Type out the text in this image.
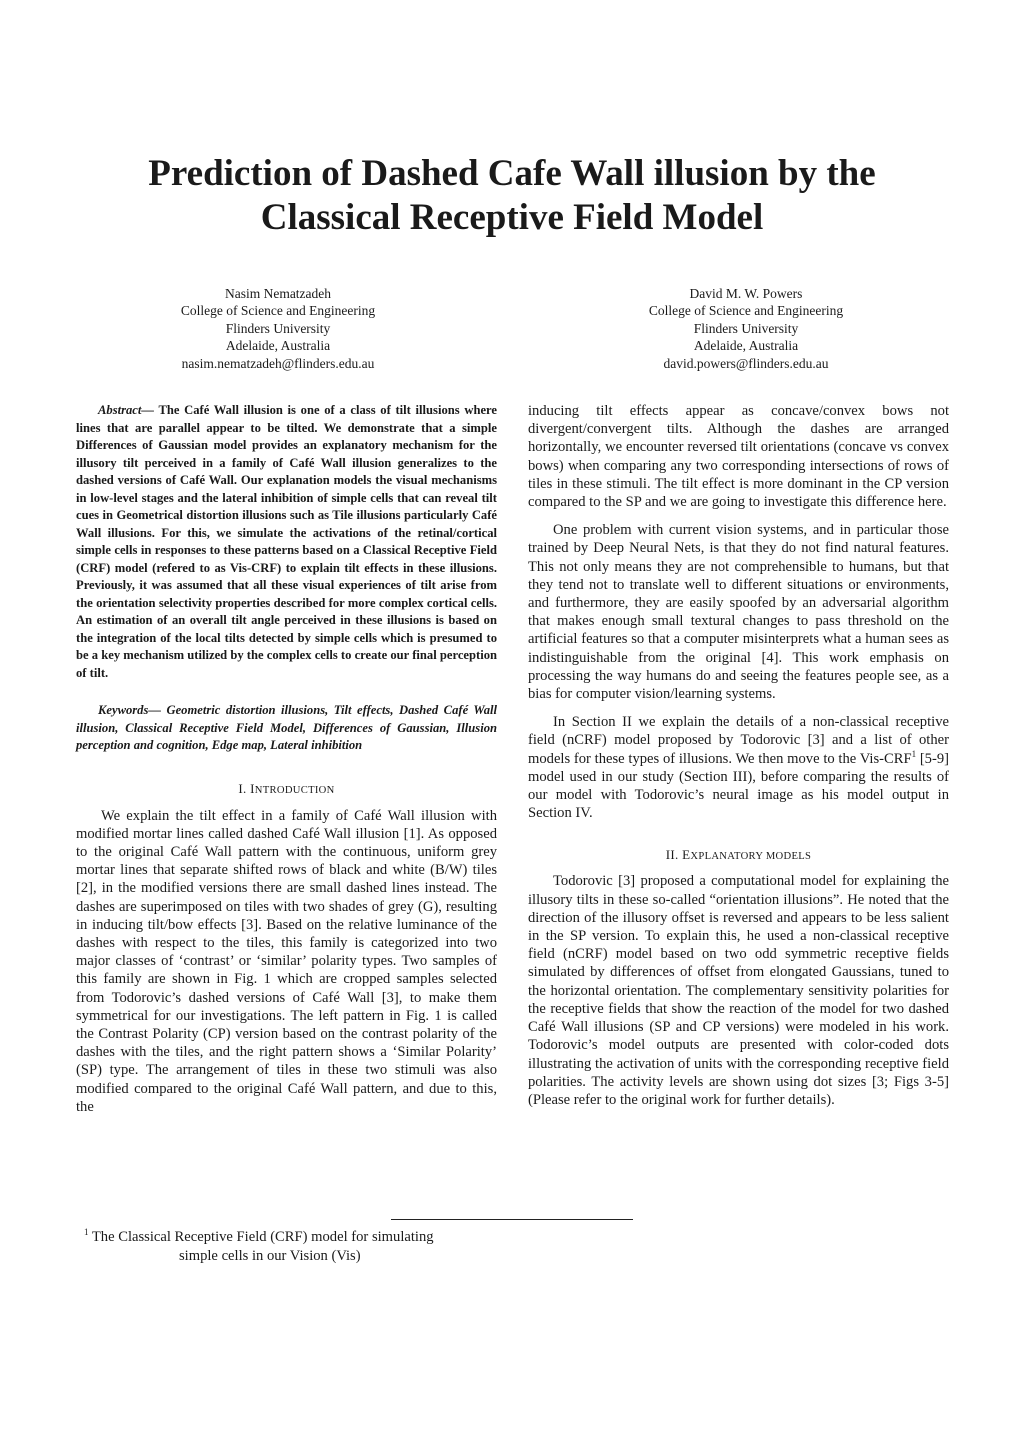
Prediction of Dashed Cafe Wall illusion by the
Classical Receptive Field Model
Nasim Nematzadeh
College of Science and Engineering
Flinders University
Adelaide, Australia
nasim.nematzadeh@flinders.edu.au
David M. W. Powers
College of Science and Engineering
Flinders University
Adelaide, Australia
david.powers@flinders.edu.au

Abstract— The Café Wall illusion is one of a class of tilt illusions where lines that are parallel appear to be tilted. We demonstrate that a simple Differences of Gaussian model provides an explanatory mechanism for the illusory tilt perceived in a family of Café Wall illusion generalizes to the dashed versions of Café Wall. Our explanation models the visual mechanisms in low-level stages and the lateral inhibition of simple cells that can reveal tilt cues in Geometrical distortion illusions such as Tile illusions particularly Café Wall illusions. For this, we simulate the activations of the retinal/cortical simple cells in responses to these patterns based on a Classical Receptive Field (CRF) model (refered to as Vis-CRF) to explain tilt effects in these illusions. Previously, it was assumed that all these visual experiences of tilt arise from the orientation selectivity properties described for more complex cortical cells. An estimation of an overall tilt angle perceived in these illusions is based on the integration of the local tilts detected by simple cells which is presumed to be a key mechanism utilized by the complex cells to create our final perception of tilt.

Keywords— Geometric distortion illusions, Tilt effects, Dashed Café Wall illusion, Classical Receptive Field Model, Differences of Gaussian, Illusion perception and cognition, Edge map, Lateral inhibition

I. INTRODUCTION

We explain the tilt effect in a family of Café Wall illusion with modified mortar lines called dashed Café Wall illusion [1]. As opposed to the original Café Wall pattern with the continuous, uniform grey mortar lines that separate shifted rows of black and white (B/W) tiles [2], in the modified versions there are small dashed lines instead. The dashes are superimposed on tiles with two shades of grey (G), resulting in inducing tilt/bow effects [3]. Based on the relative luminance of the dashes with respect to the tiles, this family is categorized into two major classes of ‘contrast’ or ‘similar’ polarity types. Two samples of this family are shown in Fig. 1 which are cropped samples selected from Todorovic’s dashed versions of Café Wall [3], to make them symmetrical for our investigations. The left pattern in Fig. 1 is called the Contrast Polarity (CP) version based on the contrast polarity of the dashes with the tiles, and the right pattern shows a ‘Similar Polarity’ (SP) type. The arrangement of tiles in these two stimuli was also modified compared to the original Café Wall pattern, and due to this, the

inducing tilt effects appear as concave/convex bows not divergent/convergent tilts. Although the dashes are arranged horizontally, we encounter reversed tilt orientations (concave vs convex bows) when comparing any two corresponding intersections of rows of tiles in these stimuli. The tilt effect is more dominant in the CP version compared to the SP and we are going to investigate this difference here.

One problem with current vision systems, and in particular those trained by Deep Neural Nets, is that they do not find natural features. This not only means they are not comprehensible to humans, but that they tend not to translate well to different situations or environments, and furthermore, they are easily spoofed by an adversarial algorithm that makes enough small textural changes to pass threshold on the artificial features so that a computer misinterprets what a human sees as indistinguishable from the original [4]. This work emphasis on processing the way humans do and seeing the features people see, as a bias for computer vision/learning systems.

In Section II we explain the details of a non-classical receptive field (nCRF) model proposed by Todorovic [3] and a list of other models for these types of illusions. We then move to the Vis-CRF$^1$ [5-9] model used in our study (Section III), before comparing the results of our model with Todorovic’s neural image as his model output in Section IV.

II. EXPLANATORY MODELS

Todorovic [3] proposed a computational model for explaining the illusory tilts in these so-called “orientation illusions”. He noted that the direction of the illusory offset is reversed and appears to be less salient in the SP version. To explain this, he used a non-classical receptive field (nCRF) model based on two odd symmetric receptive fields simulated by differences of offset from elongated Gaussians, tuned to the horizontal orientation. The complementary sensitivity polarities for the receptive fields that show the reaction of the model for two dashed Café Wall illusions (SP and CP versions) were modeled in his work. Todorovic’s model outputs are presented with color-coded dots illustrating the activation of units with the corresponding receptive field polarities. The activity levels are shown using dot sizes [3; Figs 3-5] (Please refer to the original work for further details).

$^1$ The Classical Receptive Field (CRF) model for simulating
simple cells in our Vision (Vis)
